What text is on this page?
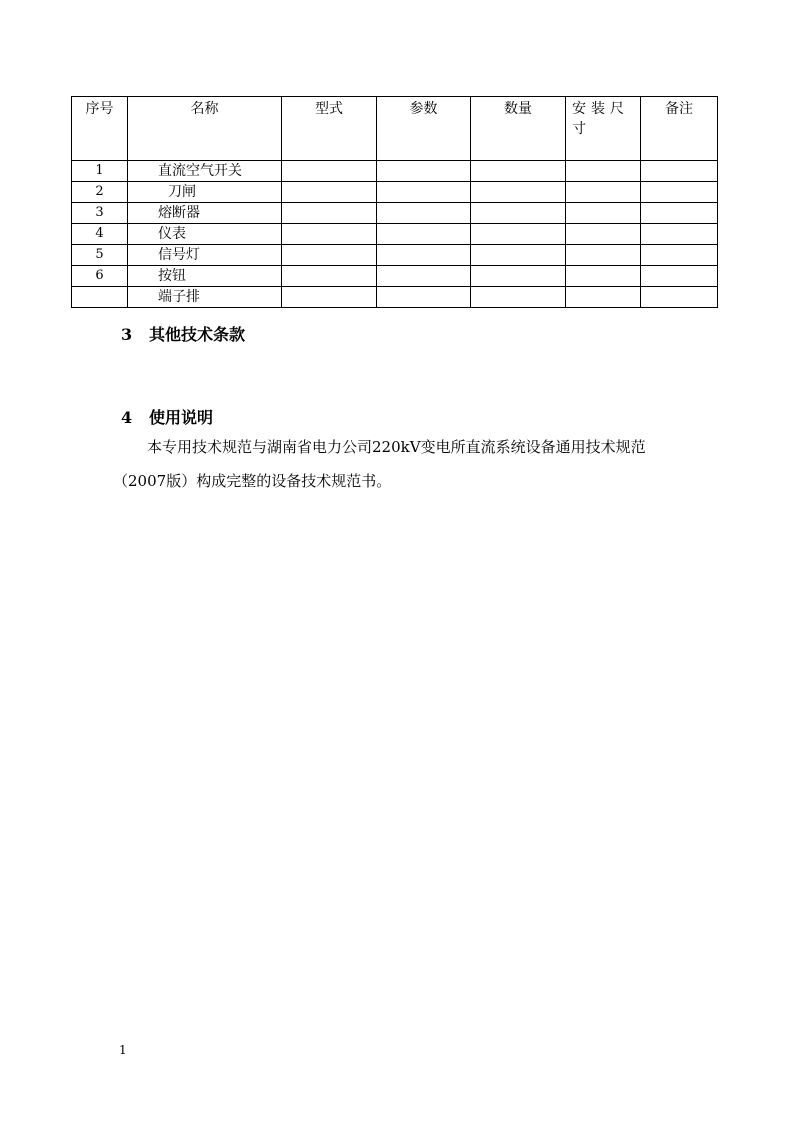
序号	名称	型式	参数	数量	安装尺寸	备注
1	直流空气开关					
2	刀闸					
3	熔断器					
4	仪表					
5	信号灯					
6	按钮					
	端子排					
3 其他技术条款
4 使用说明
本专用技术规范与湖南省电力公司220kV变电所直流系统设备通用技术规范
（2007版）构成完整的设备技术规范书。
1
